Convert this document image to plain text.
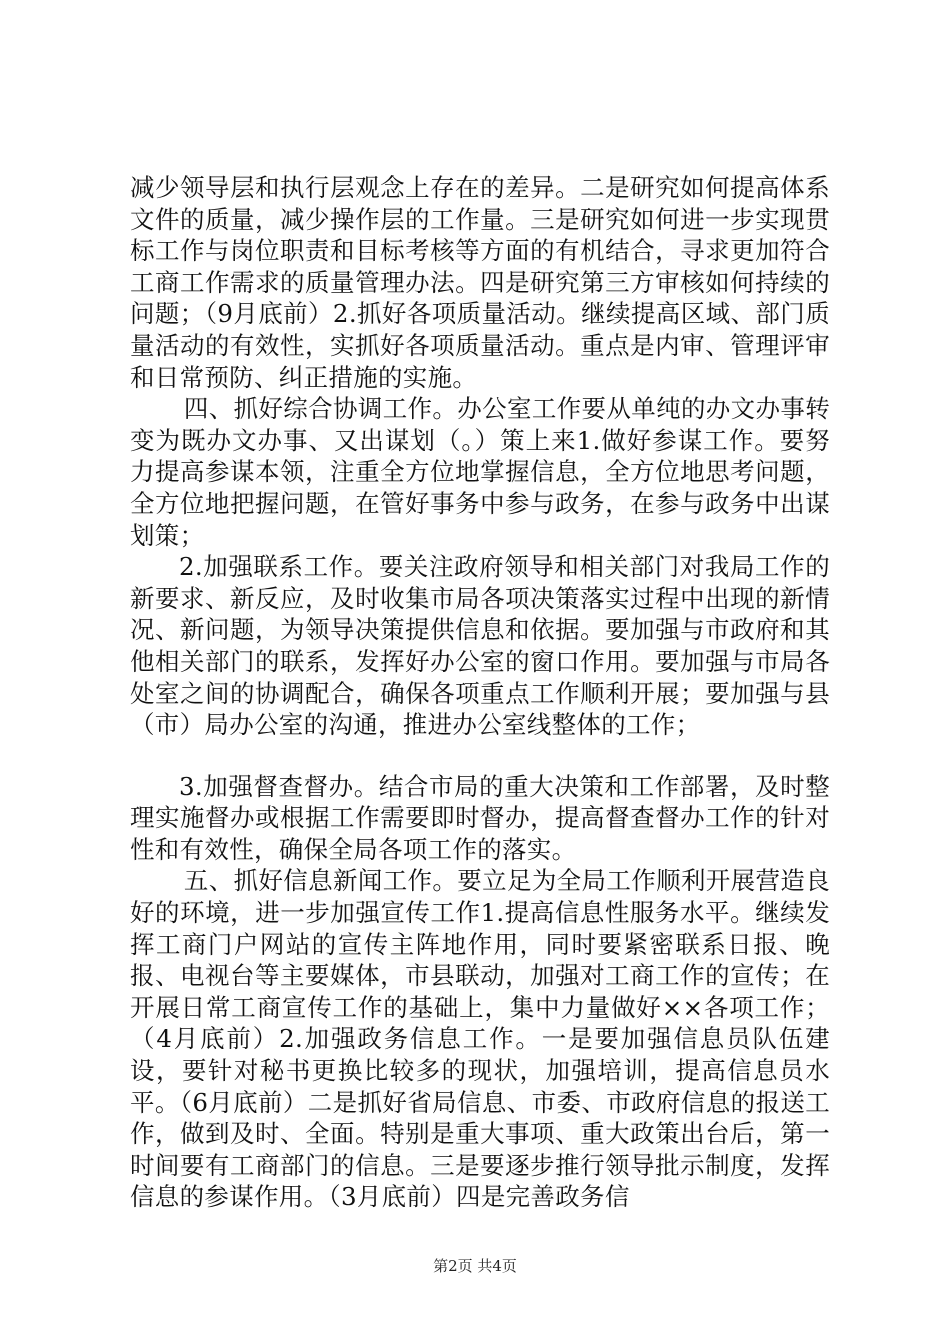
减少领导层和执行层观念上存在的差异。二是研究如何提高体系文件的质量，减少操作层的工作量。三是研究如何进一步实现贯标工作与岗位职责和目标考核等方面的有机结合，寻求更加符合工商工作需求的质量管理办法。四是研究第三方审核如何持续的问题；（9月底前）2.抓好各项质量活动。继续提高区域、部门质量活动的有效性，实抓好各项质量活动。重点是内审、管理评审和日常预防、纠正措施的实施。

四、抓好综合协调工作。办公室工作要从单纯的办文办事转变为既办文办事、又出谋划（。）策上来1.做好参谋工作。要努力提高参谋本领，注重全方位地掌握信息，全方位地思考问题，全方位地把握问题，在管好事务中参与政务，在参与政务中出谋划策；

2.加强联系工作。要关注政府领导和相关部门对我局工作的新要求、新反应，及时收集市局各项决策落实过程中出现的新情况、新问题，为领导决策提供信息和依据。要加强与市政府和其他相关部门的联系，发挥好办公室的窗口作用。要加强与市局各处室之间的协调配合，确保各项重点工作顺利开展；要加强与县（市）局办公室的沟通，推进办公室线整体的工作；

3.加强督查督办。结合市局的重大决策和工作部署，及时整理实施督办或根据工作需要即时督办，提高督查督办工作的针对性和有效性，确保全局各项工作的落实。

五、抓好信息新闻工作。要立足为全局工作顺利开展营造良好的环境，进一步加强宣传工作1.提高信息性服务水平。继续发挥工商门户网站的宣传主阵地作用，同时要紧密联系日报、晚报、电视台等主要媒体，市县联动，加强对工商工作的宣传；在开展日常工商宣传工作的基础上，集中力量做好××各项工作；（4月底前）2.加强政务信息工作。一是要加强信息员队伍建设，要针对秘书更换比较多的现状，加强培训，提高信息员水平。（6月底前）二是抓好省局信息、市委、市政府信息的报送工作，做到及时、全面。特别是重大事项、重大政策出台后，第一时间要有工商部门的信息。三是要逐步推行领导批示制度，发挥信息的参谋作用。（3月底前）四是完善政务信

第2页 共4页
